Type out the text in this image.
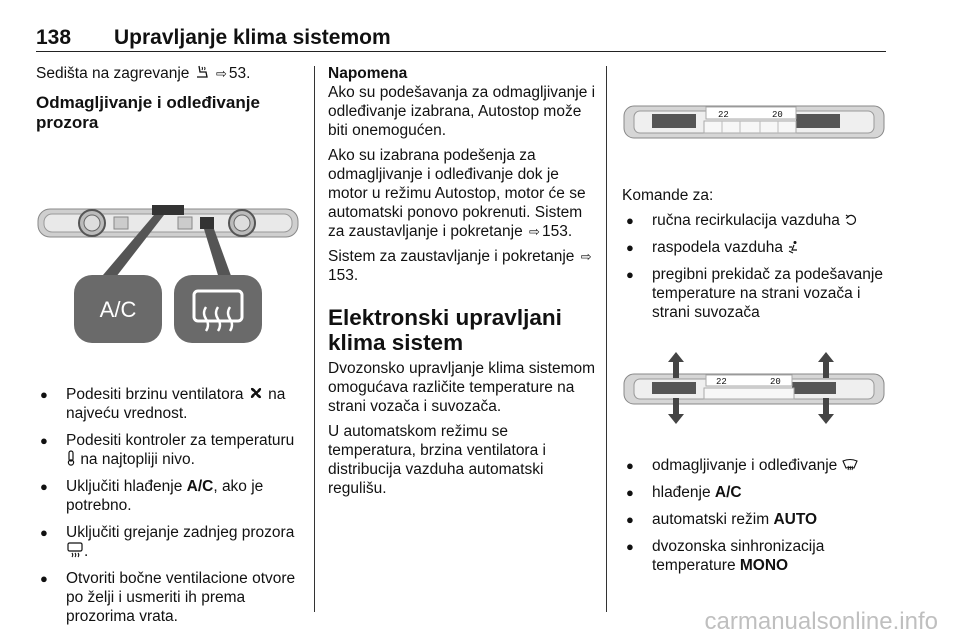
138	Upravljanje klima sistemom

Sedišta na zagrevanje ⇨ 53.

Odmagljivanje i odleđivanje prozora
A/C
● Podesiti brzinu ventilatora na najveću vrednost.
● Podesiti kontroler za temperaturu  na najtopliji nivo.
● Uključiti hlađenje A/C, ako je potrebno.
● Uključiti grejanje zadnjeg prozora .
● Otvoriti bočne ventilacione otvore po želji i usmeriti ih prema prozorima vrata.

Napomena

Ako su podešavanja za odmagljivanje i odleđivanje izabrana, Autostop može biti onemogućen.

Ako su izabrana podešenja za odmagljivanje i odleđivanje dok je motor u režimu Autostop, motor će se automatski ponovo pokrenuti. Sistem za zaustavljanje i pokretanje ⇨ 153.

Sistem za zaustavljanje i pokretanje ⇨153.

Elektronski upravljani klima sistem

Dvozonsko upravljanje klima sistemom omogućava različite temperature na strani vozača i suvozača.

U automatskom režimu se temperatura, brzina ventilatora i distribucija vazduha automatski regulišu.

22	20

Komande za:

● ručna recirkulacija vazduha
● raspodela vazduha
● pregibni prekidač za podešavanje temperature na strani vozača i strani suvozača
22	20
● odmagljivanje i odleđivanje
● hlađenje A/C
● automatski režim AUTO
● dvozonska sinhronizacija temperature MONO
carmanualsonline.info
